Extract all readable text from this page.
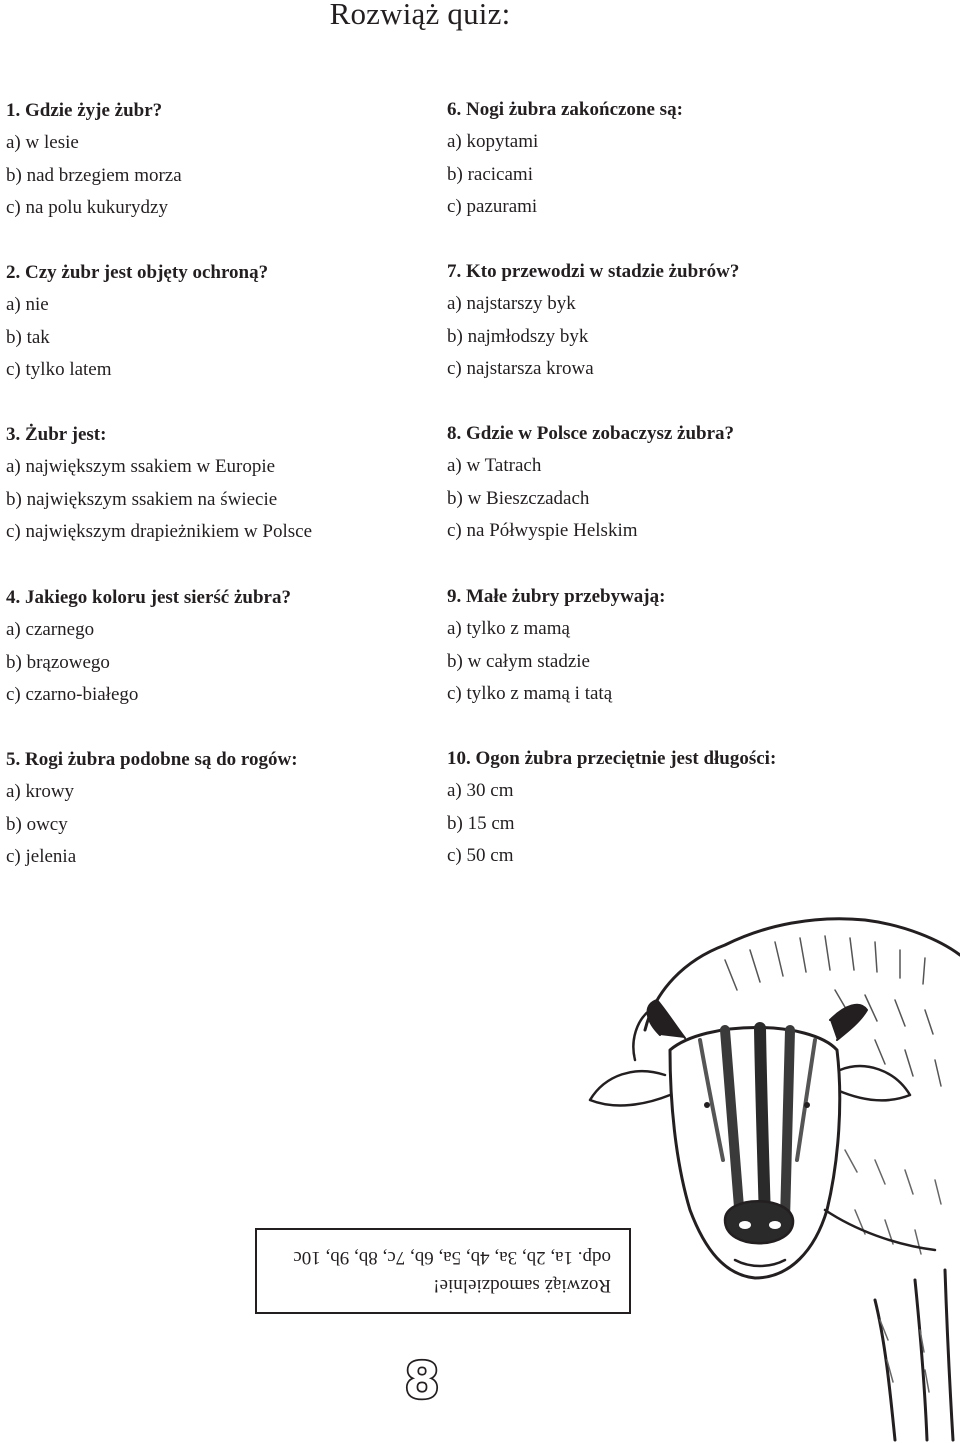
Rozwiąż quiz:
1. Gdzie żyje żubr?
a) w lesie
b) nad brzegiem morza
c) na polu kukurydzy
2. Czy żubr jest objęty ochroną?
a) nie
b) tak
c) tylko latem
3. Żubr jest:
a) największym ssakiem w Europie
b) największym ssakiem na świecie
c) największym drapieżnikiem w Polsce
4. Jakiego koloru jest sierść żubra?
a) czarnego
b) brązowego
c) czarno-białego
5. Rogi żubra podobne są do rogów:
a) krowy
b) owcy
c) jelenia
6. Nogi żubra zakończone są:
a) kopytami
b) racicami
c) pazurami
7. Kto przewodzi w stadzie żubrów?
a) najstarszy byk
b) najmłodszy byk
c) najstarsza krowa
8. Gdzie w Polsce zobaczysz żubra?
a) w Tatrach
b) w Bieszczadach
c) na Półwyspie Helskim
9. Małe żubry przebywają:
a) tylko z mamą
b) w całym stadzie
c) tylko z mamą i tatą
10. Ogon żubra przeciętnie jest długości:
a) 30 cm
b) 15 cm
c) 50 cm
Rozwiąż samodzielnie!
odp. 1a, 2b, 3a, 4b, 5a, 6b, 7c, 8b, 9b, 10c
8
